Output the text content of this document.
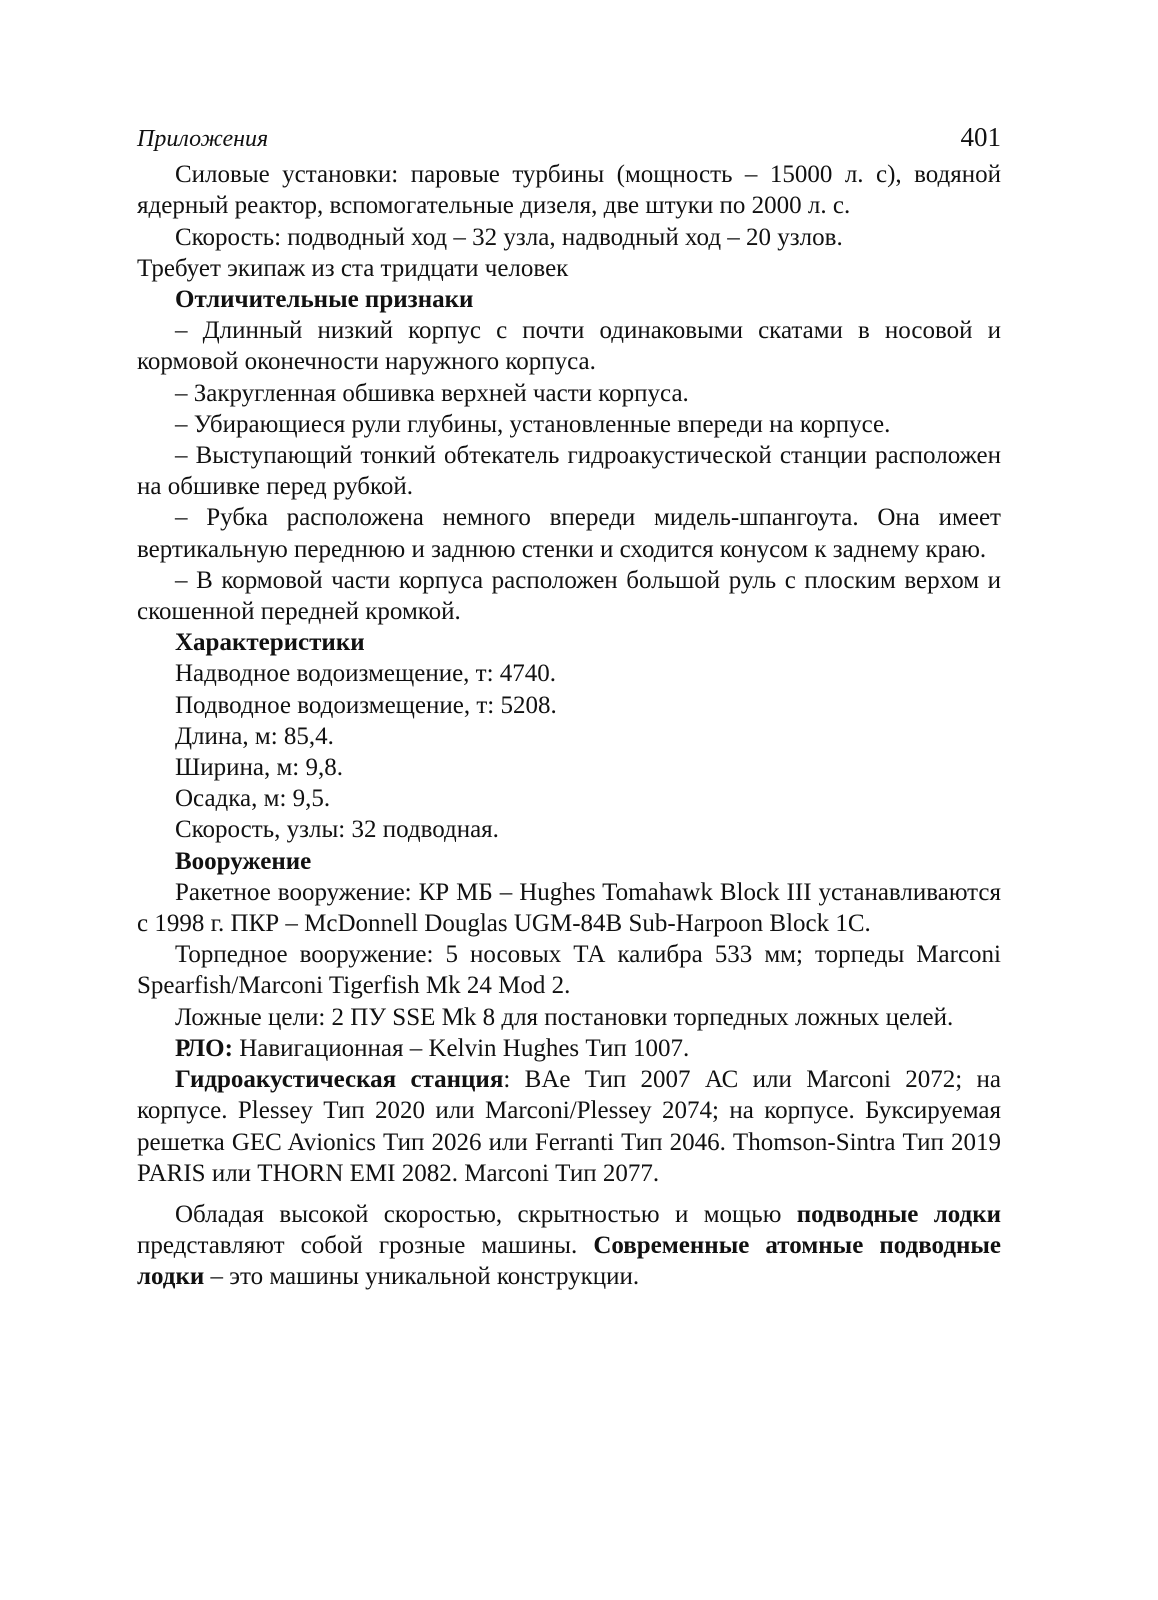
Приложения	401

Силовые установки: паровые турбины (мощность – 15000 л. с), водяной ядерный реактор, вспомогательные дизеля, две штуки по 2000 л. с.

Скорость: подводный ход – 32 узла, надводный ход – 20 узлов.

Требует экипаж из ста тридцати человек

Отличительные признаки

– Длинный низкий корпус с почти одинаковыми скатами в носовой и кормовой оконечности наружного корпуса.

– Закругленная обшивка верхней части корпуса.

– Убирающиеся рули глубины, установленные впереди на корпусе.

– Выступающий тонкий обтекатель гидроакустической станции расположен на обшивке перед рубкой.

– Рубка расположена немного впереди мидель-шпангоута. Она имеет вертикальную переднюю и заднюю стенки и сходится конусом к заднему краю.

– В кормовой части корпуса расположен большой руль с плоским верхом и скошенной передней кромкой.

Характеристики
Надводное водоизмещение, т: 4740.
Подводное водоизмещение, т: 5208.
Длина, м: 85,4.
Ширина, м: 9,8.
Осадка, м: 9,5.
Скорость, узлы: 32 подводная.
Вооружение

Ракетное вооружение: КР МБ – Hughes Tomahawk Block III устанавливаются с 1998 г. ПКР – McDonnell Douglas UGM-84B Sub-Harpoon Block 1C.

Торпедное вооружение: 5 носовых ТА калибра 533 мм; торпеды Marconi Spearfish/Marconi Tigerfish Mk 24 Mod 2.

Ложные цели: 2 ПУ SSE Mk 8 для постановки торпедных ложных целей.

РЛО: Навигационная – Kelvin Hughes Тип 1007.

Гидроакустическая станция: BAe Тип 2007 АС или Marconi 2072; на корпусе. Plessey Тип 2020 или Marconi/Plessey 2074; на корпусе. Буксируемая решетка GEC Avionics Тип 2026 или Ferranti Тип 2046. Thomson-Sintra Тип 2019 PARIS или THORN EMI 2082. Marconi Тип 2077.

Обладая высокой скоростью, скрытностью и мощью подводные лодки представляют собой грозные машины. Современные атомные подводные лодки – это машины уникальной конструкции.
